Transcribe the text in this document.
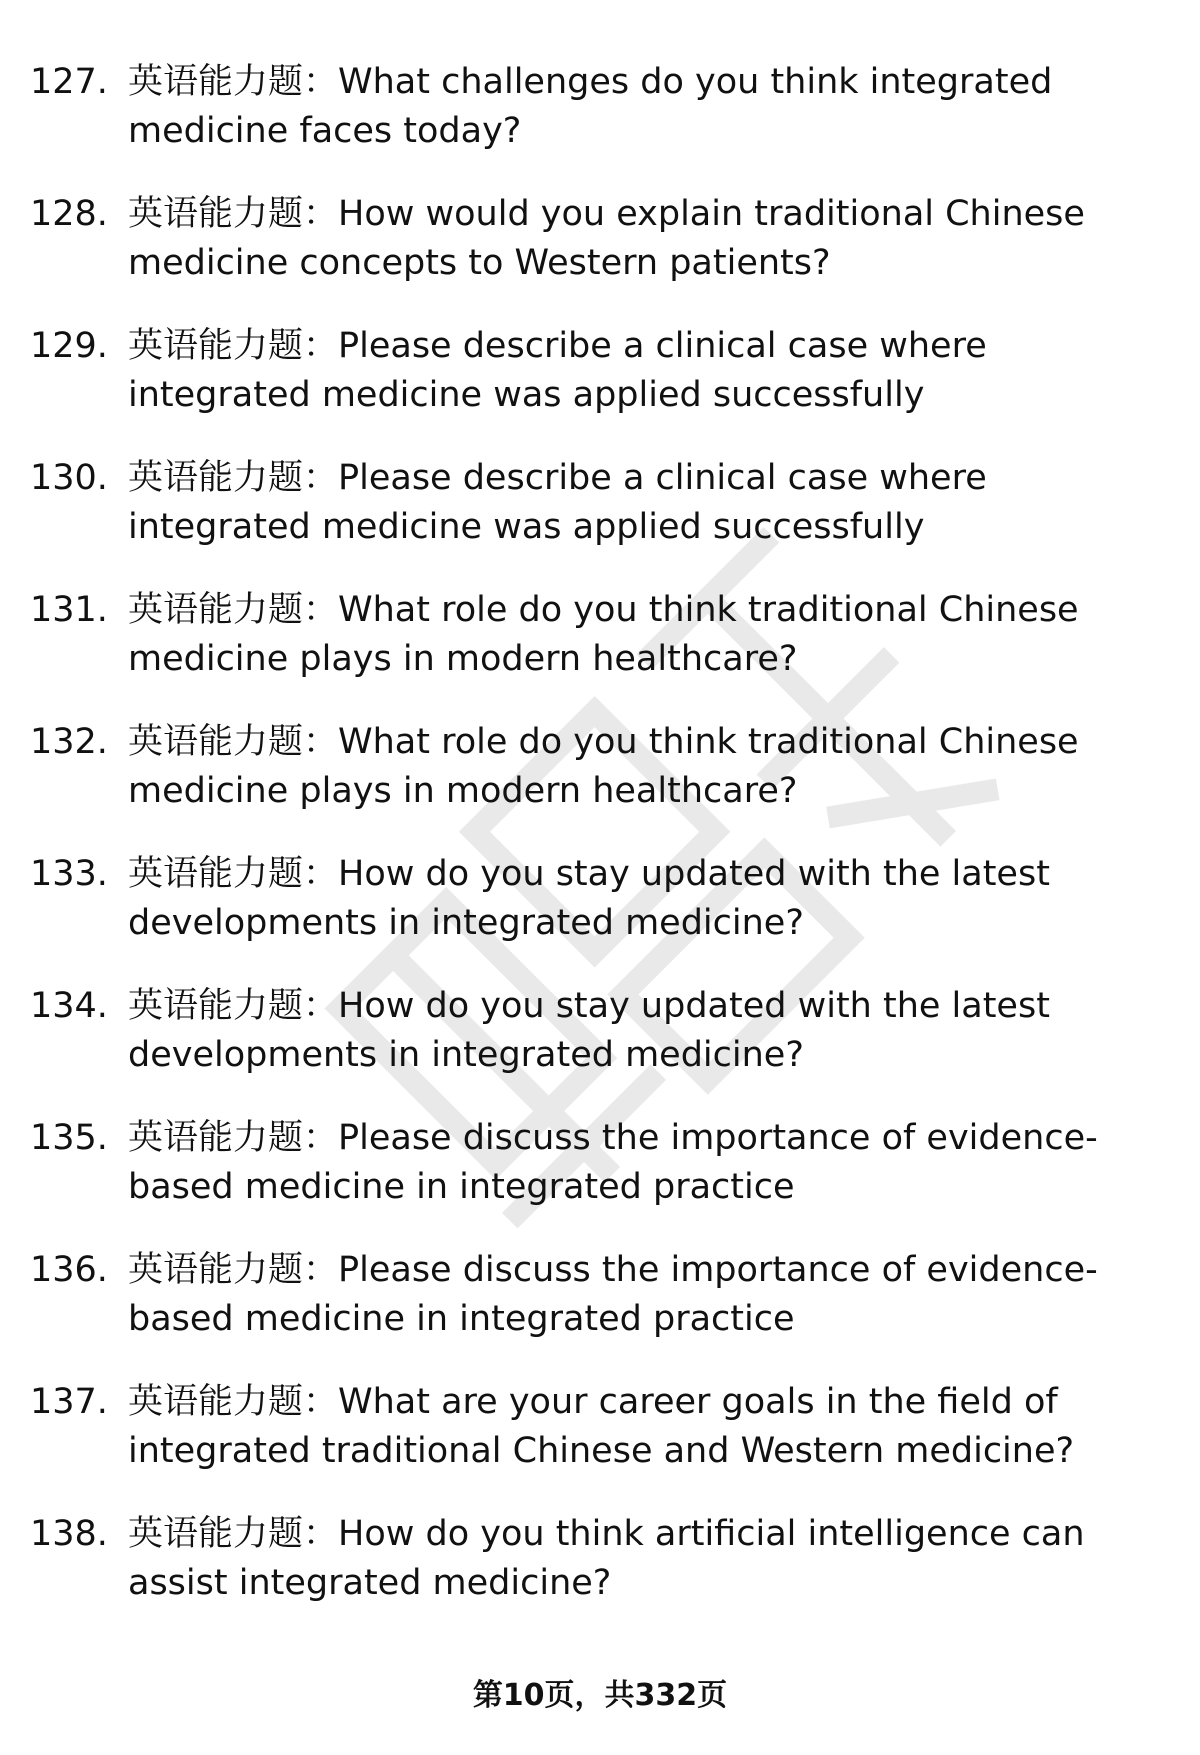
127. 英语能力题：What challenges do you think integrated medicine faces today?
128. 英语能力题：How would you explain traditional Chinese medicine concepts to Western patients?
129. 英语能力题：Please describe a clinical case where integrated medicine was applied successfully
130. 英语能力题：Please describe a clinical case where integrated medicine was applied successfully
131. 英语能力题：What role do you think traditional Chinese medicine plays in modern healthcare?
132. 英语能力题：What role do you think traditional Chinese medicine plays in modern healthcare?
133. 英语能力题：How do you stay updated with the latest developments in integrated medicine?
134. 英语能力题：How do you stay updated with the latest developments in integrated medicine?
135. 英语能力题：Please discuss the importance of evidence-based medicine in integrated practice
136. 英语能力题：Please discuss the importance of evidence-based medicine in integrated practice
137. 英语能力题：What are your career goals in the field of integrated traditional Chinese and Western medicine?
138. 英语能力题：How do you think artificial intelligence can assist integrated medicine?
第10页，共332页
